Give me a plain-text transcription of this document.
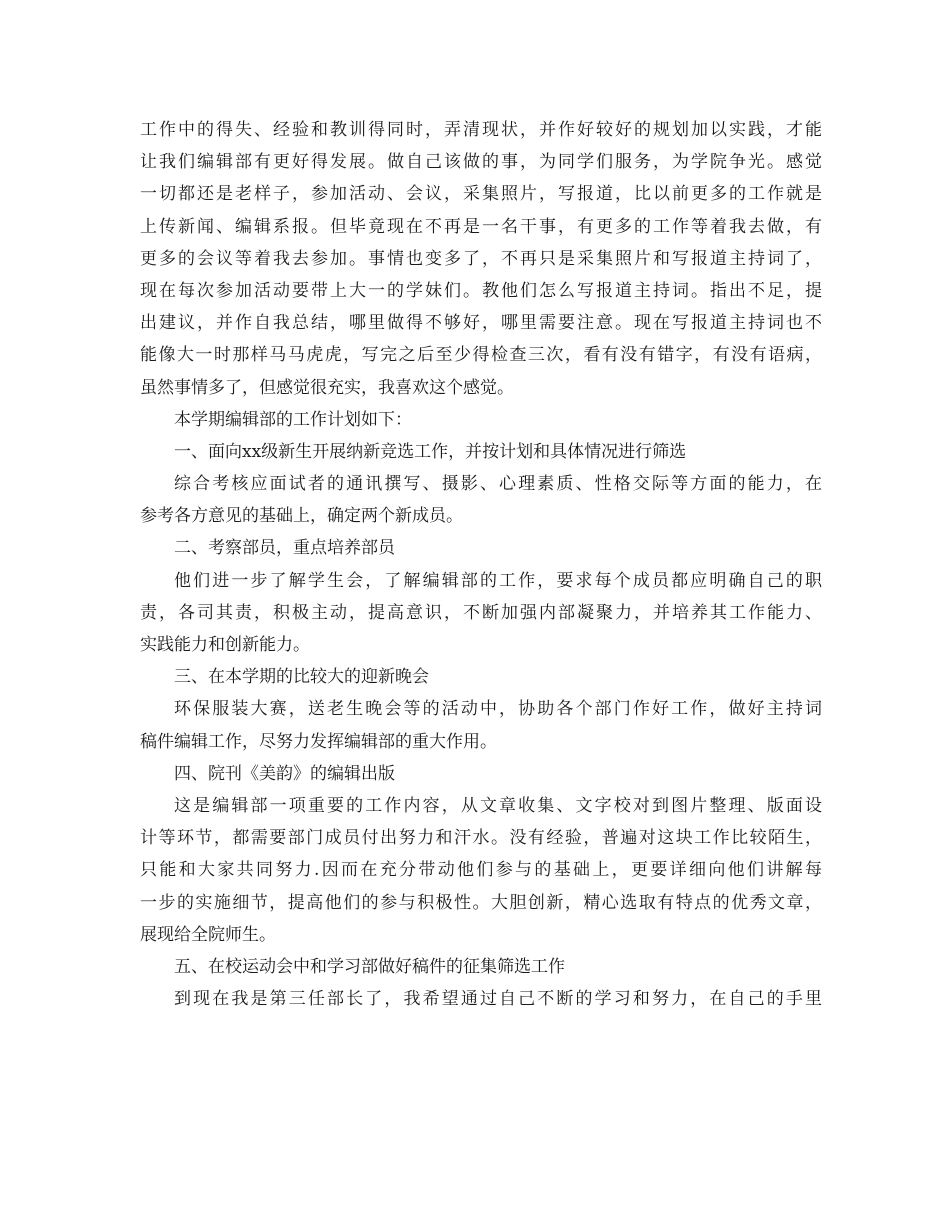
工作中的得失、经验和教训得同时，弄清现状，并作好较好的规划加以实践，才能
让我们编辑部有更好得发展。做自己该做的事，为同学们服务，为学院争光。感觉
一切都还是老样子，参加活动、会议，采集照片，写报道，比以前更多的工作就是
上传新闻、编辑系报。但毕竟现在不再是一名干事，有更多的工作等着我去做，有
更多的会议等着我去参加。事情也变多了，不再只是采集照片和写报道主持词了，
现在每次参加活动要带上大一的学妹们。教他们怎么写报道主持词。指出不足，提
出建议，并作自我总结，哪里做得不够好，哪里需要注意。现在写报道主持词也不
能像大一时那样马马虎虎，写完之后至少得检查三次，看有没有错字，有没有语病，
虽然事情多了，但感觉很充实，我喜欢这个感觉。
本学期编辑部的工作计划如下：
一、面向xx级新生开展纳新竞选工作，并按计划和具体情况进行筛选
综合考核应面试者的通讯撰写、摄影、心理素质、性格交际等方面的能力，在
参考各方意见的基础上，确定两个新成员。
二、考察部员，重点培养部员
他们进一步了解学生会，了解编辑部的工作，要求每个成员都应明确自己的职
责，各司其责，积极主动，提高意识，不断加强内部凝聚力，并培养其工作能力、
实践能力和创新能力。
三、在本学期的比较大的迎新晚会
环保服装大赛，送老生晚会等的活动中，协助各个部门作好工作，做好主持词
稿件编辑工作，尽努力发挥编辑部的重大作用。
四、院刊《美韵》的编辑出版
这是编辑部一项重要的工作内容，从文章收集、文字校对到图片整理、版面设
计等环节，都需要部门成员付出努力和汗水。没有经验，普遍对这块工作比较陌生，
只能和大家共同努力.因而在充分带动他们参与的基础上，更要详细向他们讲解每
一步的实施细节，提高他们的参与积极性。大胆创新，精心选取有特点的优秀文章，
展现给全院师生。
五、在校运动会中和学习部做好稿件的征集筛选工作
到现在我是第三任部长了，我希望通过自己不断的学习和努力，在自己的手里
